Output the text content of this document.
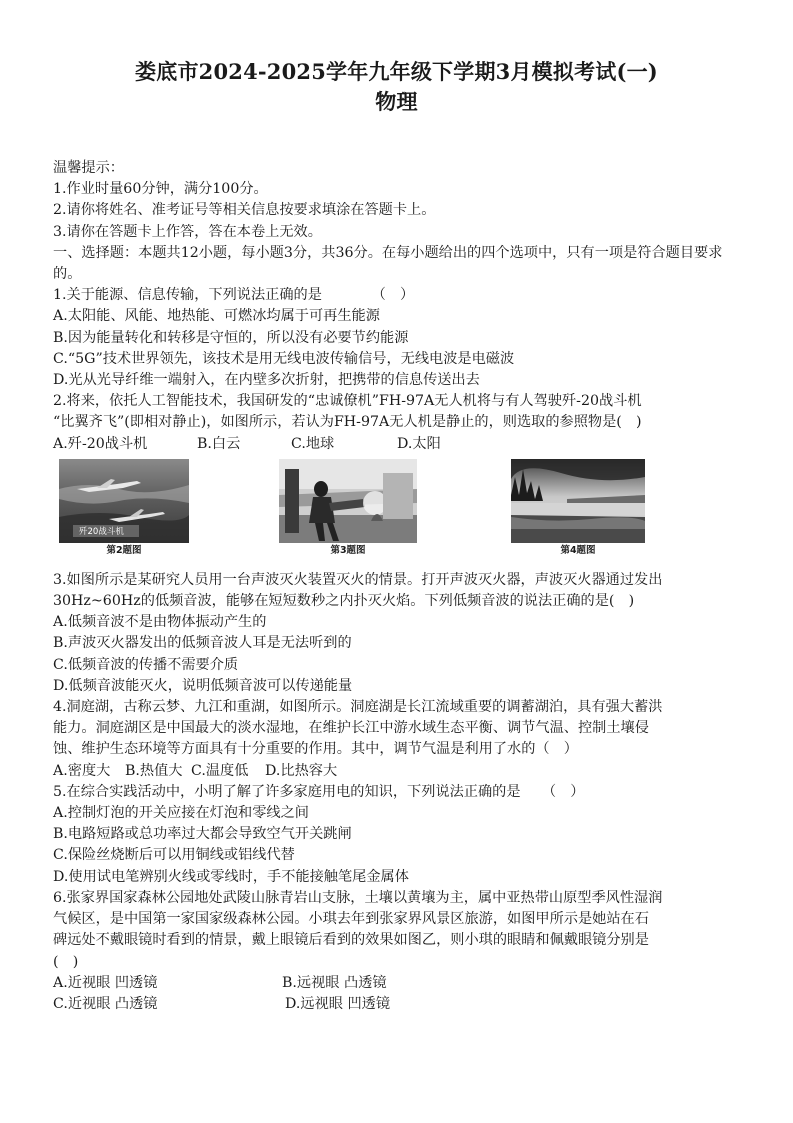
娄底市2024-2025学年九年级下学期3月模拟考试(一)
物理

温馨提示：

1.作业时量60分钟，满分100分。

2.请你将姓名、准考证号等相关信息按要求填涂在答题卡上。

3.请你在答题卡上作答，答在本卷上无效。

一、选择题：本题共12小题，每小题3分，共36分。在每小题给出的四个选项中，只有一项是符合题目要求的。

1.关于能源、信息传输，下列说法正确的是　　　　（　）

A.太阳能、风能、地热能、可燃冰均属于可再生能源

B.因为能量转化和转移是守恒的，所以没有必要节约能源

C.“5G”技术世界领先，该技术是用无线电波传输信号，无线电波是电磁波

D.光从光导纤维一端射入，在内壁多次折射，把携带的信息传送出去

2.将来，依托人工智能技术，我国研发的“忠诚僚机”FH-97A无人机将与有人驾驶歼-20战斗机

“比翼齐飞”(即相对静止)，如图所示，若认为FH-97A无人机是静止的，则选取的参照物是(　)

A.歼-20战斗机	B.白云	C.地球	D.太阳

歼20战斗机
第2题图	第3题图	第4题图

3.如图所示是某研究人员用一台声波灭火装置灭火的情景。打开声波灭火器，声波灭火器通过发出

30Hz~60Hz的低频音波，能够在短短数秒之内扑灭火焰。下列低频音波的说法正确的是(　)

A.低频音波不是由物体振动产生的

B.声波灭火器发出的低频音波人耳是无法听到的

C.低频音波的传播不需要介质

D.低频音波能灭火，说明低频音波可以传递能量

4.洞庭湖，古称云梦、九江和重湖，如图所示。洞庭湖是长江流域重要的调蓄湖泊，具有强大蓄洪

能力。洞庭湖区是中国最大的淡水湿地，在维护长江中游水域生态平衡、调节气温、控制土壤侵

蚀、维护生态环境等方面具有十分重要的作用。其中，调节气温是利用了水的（　）

A.密度大	B.热值大 C.温度低	D.比热容大

5.在综合实践活动中，小明了解了许多家庭用电的知识，下列说法正确的是　　（　）

A.控制灯泡的开关应接在灯泡和零线之间

B.电路短路或总功率过大都会导致空气开关跳闸

C.保险丝烧断后可以用铜线或铝线代替

D.使用试电笔辨别火线或零线时，手不能接触笔尾金属体

6.张家界国家森林公园地处武陵山脉青岩山支脉，土壤以黄壤为主，属中亚热带山原型季风性湿润

气候区，是中国第一家国家级森林公园。小琪去年到张家界风景区旅游，如图甲所示是她站在石

碑远处不戴眼镜时看到的情景，戴上眼镜后看到的效果如图乙，则小琪的眼睛和佩戴眼镜分别是

(　)

A.近视眼 凹透镜	B.远视眼 凸透镜

C.近视眼 凸透镜	D.远视眼 凹透镜
